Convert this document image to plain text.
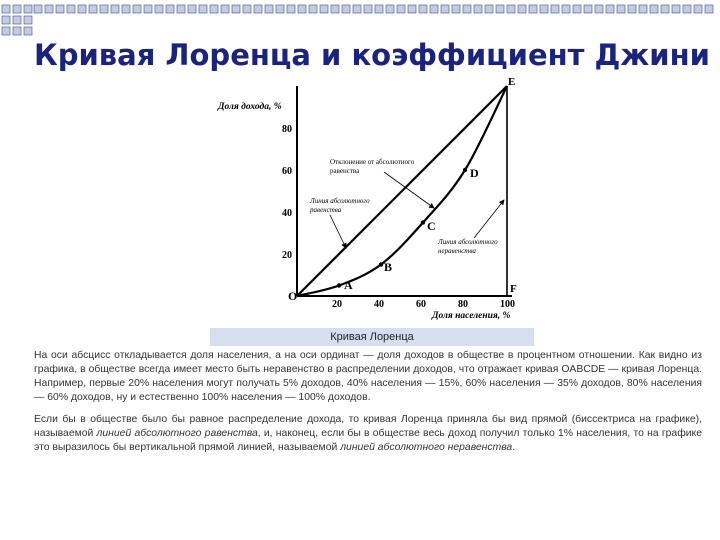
Кривая Лоренца и коэффициент Джини
Доля дохода, %
Доля населения, %
80
60
40
20
20	40	60	80	100
O
A
B
C
D
E
F
Отклонение от абсолютного
равенства
Линия абсолютного
равенства
Линия абсолютного
неравенства
Кривая Лоренца

На оси абсцисс откладывается доля населения, а на оси ординат — доля доходов в обществе в процентном отношении. Как видно из графика, в обществе всегда имеет место быть неравенство в распределении доходов, что отражает кривая OABCDE — кривая Лоренца. Например, первые 20% населения могут получать 5% доходов, 40% населения — 15%, 60% населения — 35% доходов, 80% населения — 60% доходов, ну и естественно 100% населения — 100% доходов.

Если бы в обществе было бы равное распределение дохода, то кривая Лоренца приняла бы вид прямой (биссектриса на графике), называемой линией абсолютного равенства, и, наконец, если бы в обществе весь доход получил только 1% населения, то на графике это выразилось бы вертикальной прямой линией, называемой линией абсолютного неравенства.
